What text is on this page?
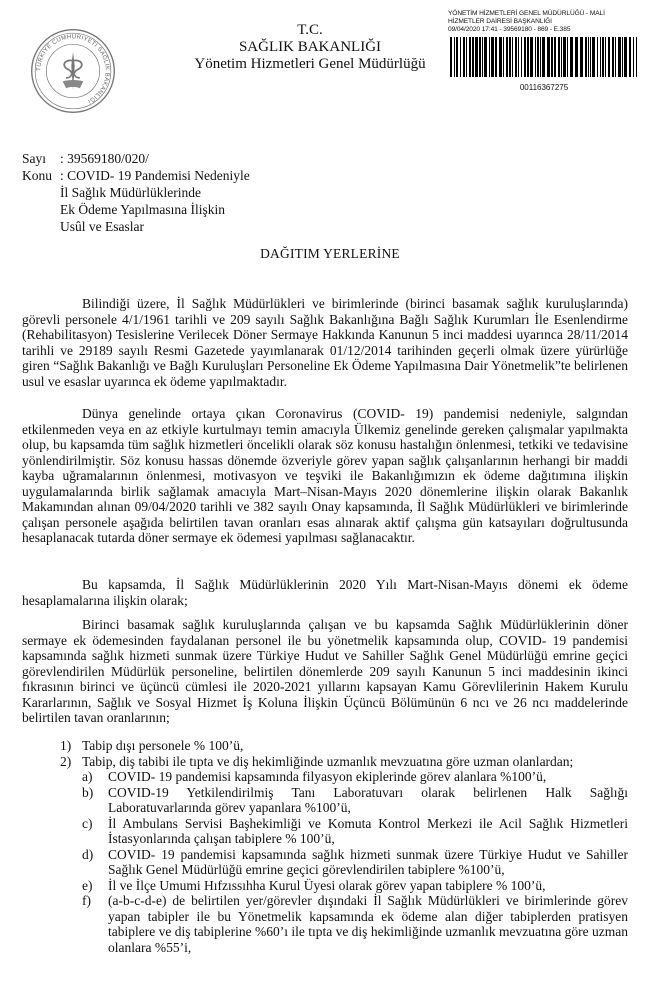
TÜRKİYE CUMHURİYETİ SAĞLIK BAKANLIĞI
T.C.
SAĞLIK BAKANLIĞI
Yönetim Hizmetleri Genel Müdürlüğü
YÖNETİM HİZMETLERİ GENEL MÜDÜRLÜĞÜ - MALİ
HİZMETLER DAİRESİ BAŞKANLIĞI
09/04/2020 17:41 - 39569180 - 869 - E.385
00116367275
Sayı	: 39569180/020/
Konu : COVID- 19 Pandemisi Nedeniyle
İl Sağlık Müdürlüklerinde
Ek Ödeme Yapılmasına İlişkin
Usûl ve Esaslar
DAĞITIM YERLERİNE

Bilindiği üzere, İl Sağlık Müdürlükleri ve birimlerinde (birinci basamak sağlık kuruluşlarında) görevli personele 4/1/1961 tarihli ve 209 sayılı Sağlık Bakanlığına Bağlı Sağlık Kurumları İle Esenlendirme (Rehabilitasyon) Tesislerine Verilecek Döner Sermaye Hakkında Kanunun 5 inci maddesi uyarınca 28/11/2014 tarihli ve 29189 sayılı Resmi Gazetede yayımlanarak 01/12/2014 tarihinden geçerli olmak üzere yürürlüğe giren “Sağlık Bakanlığı ve Bağlı Kuruluşları Personeline Ek Ödeme Yapılmasına Dair Yönetmelik”te belirlenen usul ve esaslar uyarınca ek ödeme yapılmaktadır.

Dünya genelinde ortaya çıkan Coronavirus (COVID- 19) pandemisi nedeniyle, salgından etkilenmeden veya en az etkiyle kurtulmayı temin amacıyla Ülkemiz genelinde gereken çalışmalar yapılmakta olup, bu kapsamda tüm sağlık hizmetleri öncelikli olarak söz konusu hastalığın önlenmesi, tetkiki ve tedavisine yönlendirilmiştir. Söz konusu hassas dönemde özveriyle görev yapan sağlık çalışanlarının herhangi bir maddi kayba uğramalarının önlenmesi, motivasyon ve teşviki ile Bakanlığımızın ek ödeme dağıtımına ilişkin uygulamalarında birlik sağlamak amacıyla Mart–Nisan-Mayıs 2020 dönemlerine ilişkin olarak Bakanlık Makamından alınan 09/04/2020 tarihli ve 382 sayılı Onay kapsamında, İl Sağlık Müdürlükleri ve birimlerinde çalışan personele aşağıda belirtilen tavan oranları esas alınarak aktif çalışma gün katsayıları doğrultusunda hesaplanacak tutarda döner sermaye ek ödemesi yapılması sağlanacaktır.

Bu kapsamda, İl Sağlık Müdürlüklerinin 2020 Yılı Mart-Nisan-Mayıs dönemi ek ödeme hesaplamalarına ilişkin olarak;

Birinci basamak sağlık kuruluşlarında çalışan ve bu kapsamda Sağlık Müdürlüklerinin döner sermaye ek ödemesinden faydalanan personel ile bu yönetmelik kapsamında olup, COVID- 19 pandemisi kapsamında sağlık hizmeti sunmak üzere Türkiye Hudut ve Sahiller Sağlık Genel Müdürlüğü emrine geçici görevlendirilen Müdürlük personeline, belirtilen dönemlerde 209 sayılı Kanunun 5 inci maddesinin ikinci fıkrasının birinci ve üçüncü cümlesi ile 2020-2021 yıllarını kapsayan Kamu Görevlilerinin Hakem Kurulu Kararlarının, Sağlık ve Sosyal Hizmet İş Koluna İlişkin Üçüncü Bölümünün 6 ncı ve 26 ncı maddelerinde belirtilen tavan oranlarının;

1) Tabip dışı personele % 100’ü,
2) Tabip, diş tabibi ile tıpta ve diş hekimliğinde uzmanlık mevzuatına göre uzman olanlardan;
a)	COVID- 19 pandemisi kapsamında filyasyon ekiplerinde görev alanlara %100’ü,
b)	COVID-19 Yetkilendirilmiş Tanı Laboratuvarı olarak belirlenen Halk Sağlığı Laboratuvarlarında görev yapanlara %100’ü,
c)	İl Ambulans Servisi Başhekimliği ve Komuta Kontrol Merkezi ile Acil Sağlık Hizmetleri İstasyonlarında çalışan tabiplere % 100’ü,
d)	COVID- 19 pandemisi kapsamında sağlık hizmeti sunmak üzere Türkiye Hudut ve Sahiller Sağlık Genel Müdürlüğü emrine geçici görevlendirilen tabiplere %100’ü,
e)	İl ve İlçe Umumi Hıfzıssıhha Kurul Üyesi olarak görev yapan tabiplere % 100’ü,
f)	(a-b-c-d-e) de belirtilen yer/görevler dışındaki İl Sağlık Müdürlükleri ve birimlerinde görev yapan tabipler ile bu Yönetmelik kapsamında ek ödeme alan diğer tabiplerden pratisyen tabiplere ve diş tabiplerine %60’ı ile tıpta ve diş hekimliğinde uzmanlık mevzuatına göre uzman olanlara %55’i,
